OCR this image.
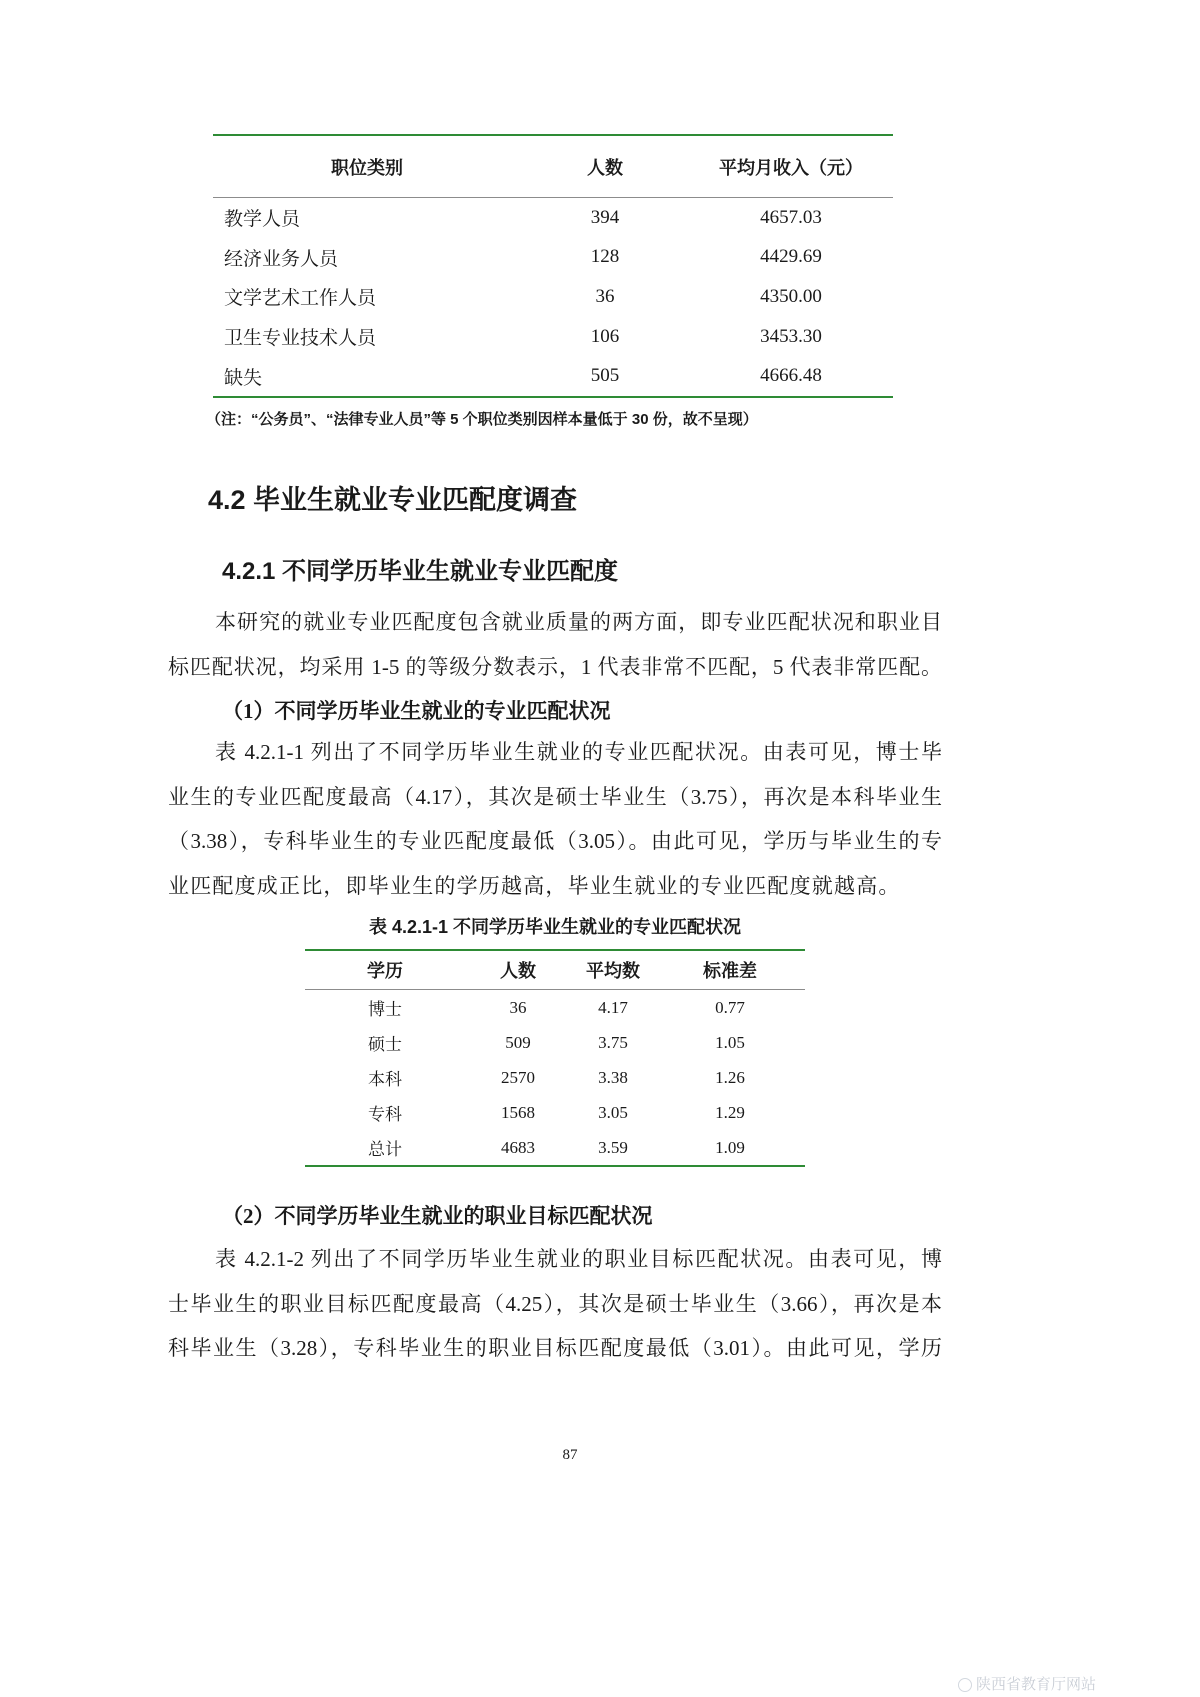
职位类别	人数	平均月收入（元）
教学人员	394	4657.03
经济业务人员	128	4429.69
文学艺术工作人员	36	4350.00
卫生专业技术人员	106	3453.30
缺失	505	4666.48
（注：“公务员”、“法律专业人员”等 5 个职位类别因样本量低于 30 份，故不呈现）
4.2 毕业生就业专业匹配度调查
4.2.1 不同学历毕业生就业专业匹配度
本研究的就业专业匹配度包含就业质量的两方面，即专业匹配状况和职业目
标匹配状况，均采用 1-5 的等级分数表示，1 代表非常不匹配，5 代表非常匹配。
（1）不同学历毕业生就业的专业匹配状况
表 4.2.1-1 列出了不同学历毕业生就业的专业匹配状况。由表可见，博士毕
业生的专业匹配度最高（4.17），其次是硕士毕业生（3.75），再次是本科毕业生
（3.38），专科毕业生的专业匹配度最低（3.05）。由此可见，学历与毕业生的专
业匹配度成正比，即毕业生的学历越高，毕业生就业的专业匹配度就越高。
表 4.2.1-1 不同学历毕业生就业的专业匹配状况
学历	人数	平均数	标准差
博士	36	4.17	0.77
硕士	509	3.75	1.05
本科	2570	3.38	1.26
专科	1568	3.05	1.29
总计	4683	3.59	1.09
（2）不同学历毕业生就业的职业目标匹配状况
表 4.2.1-2 列出了不同学历毕业生就业的职业目标匹配状况。由表可见，博
士毕业生的职业目标匹配度最高（4.25），其次是硕士毕业生（3.66），再次是本
科毕业生（3.28），专科毕业生的职业目标匹配度最低（3.01）。由此可见，学历
87
陕西省教育厅网站
